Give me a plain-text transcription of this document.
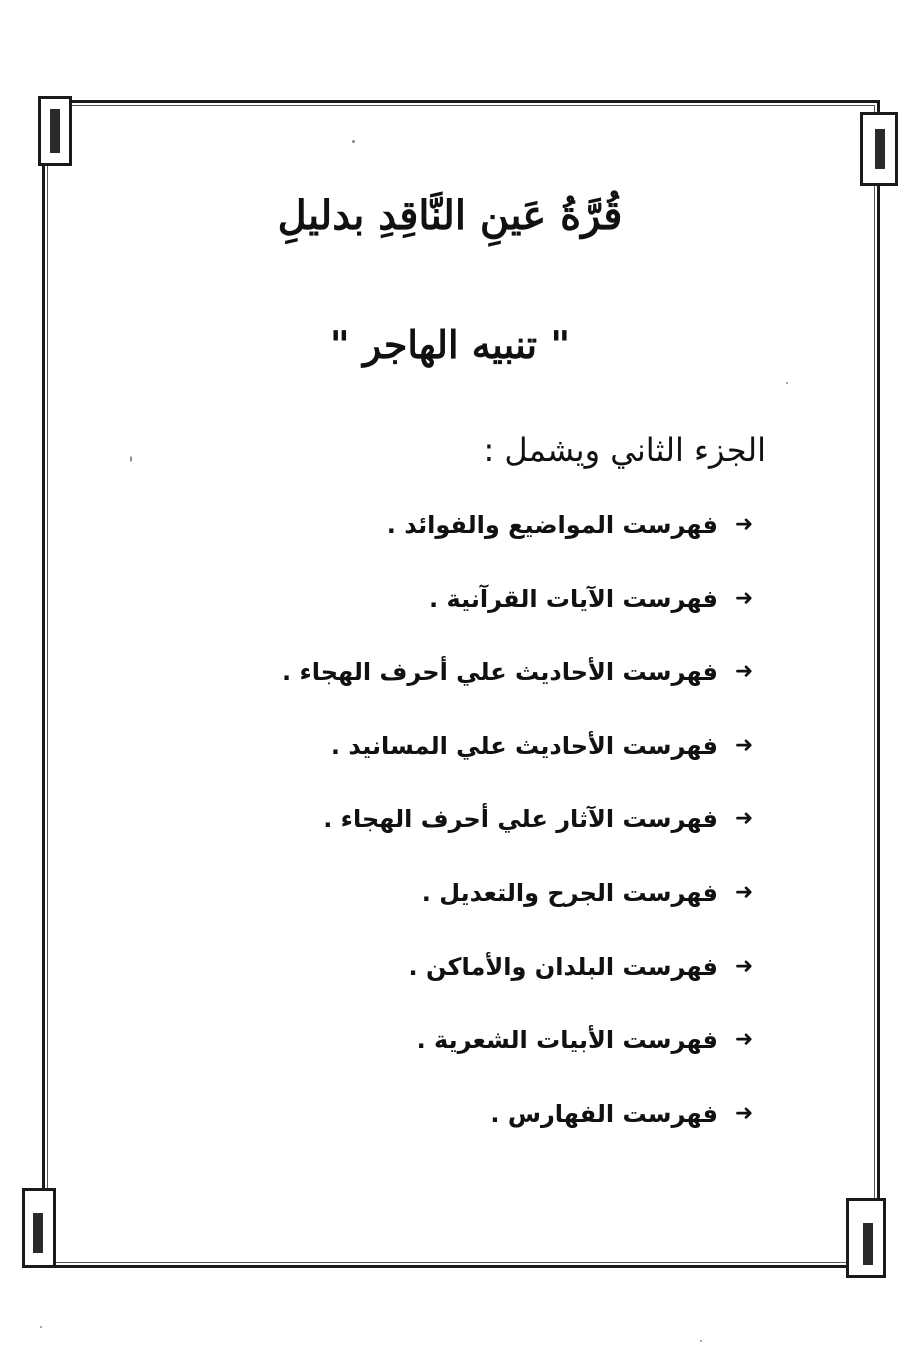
قُرَّةُ عَينِ النَّاقِدِ بدليلِ
" تنبيه الهاجر "
الجزء الثاني ويشمل :
➜
فهرست المواضيع والفوائد .
➜
فهرست الآيات القرآنية .
➜
فهرست الأحاديث علي أحرف الهجاء .
➜
فهرست الأحاديث علي المسانيد .
➜
فهرست الآثار علي أحرف الهجاء .
➜
فهرست الجرح والتعديل .
➜
فهرست البلدان والأماكن .
➜
فهرست الأبيات الشعرية .
➜
فهرست الفهارس .
